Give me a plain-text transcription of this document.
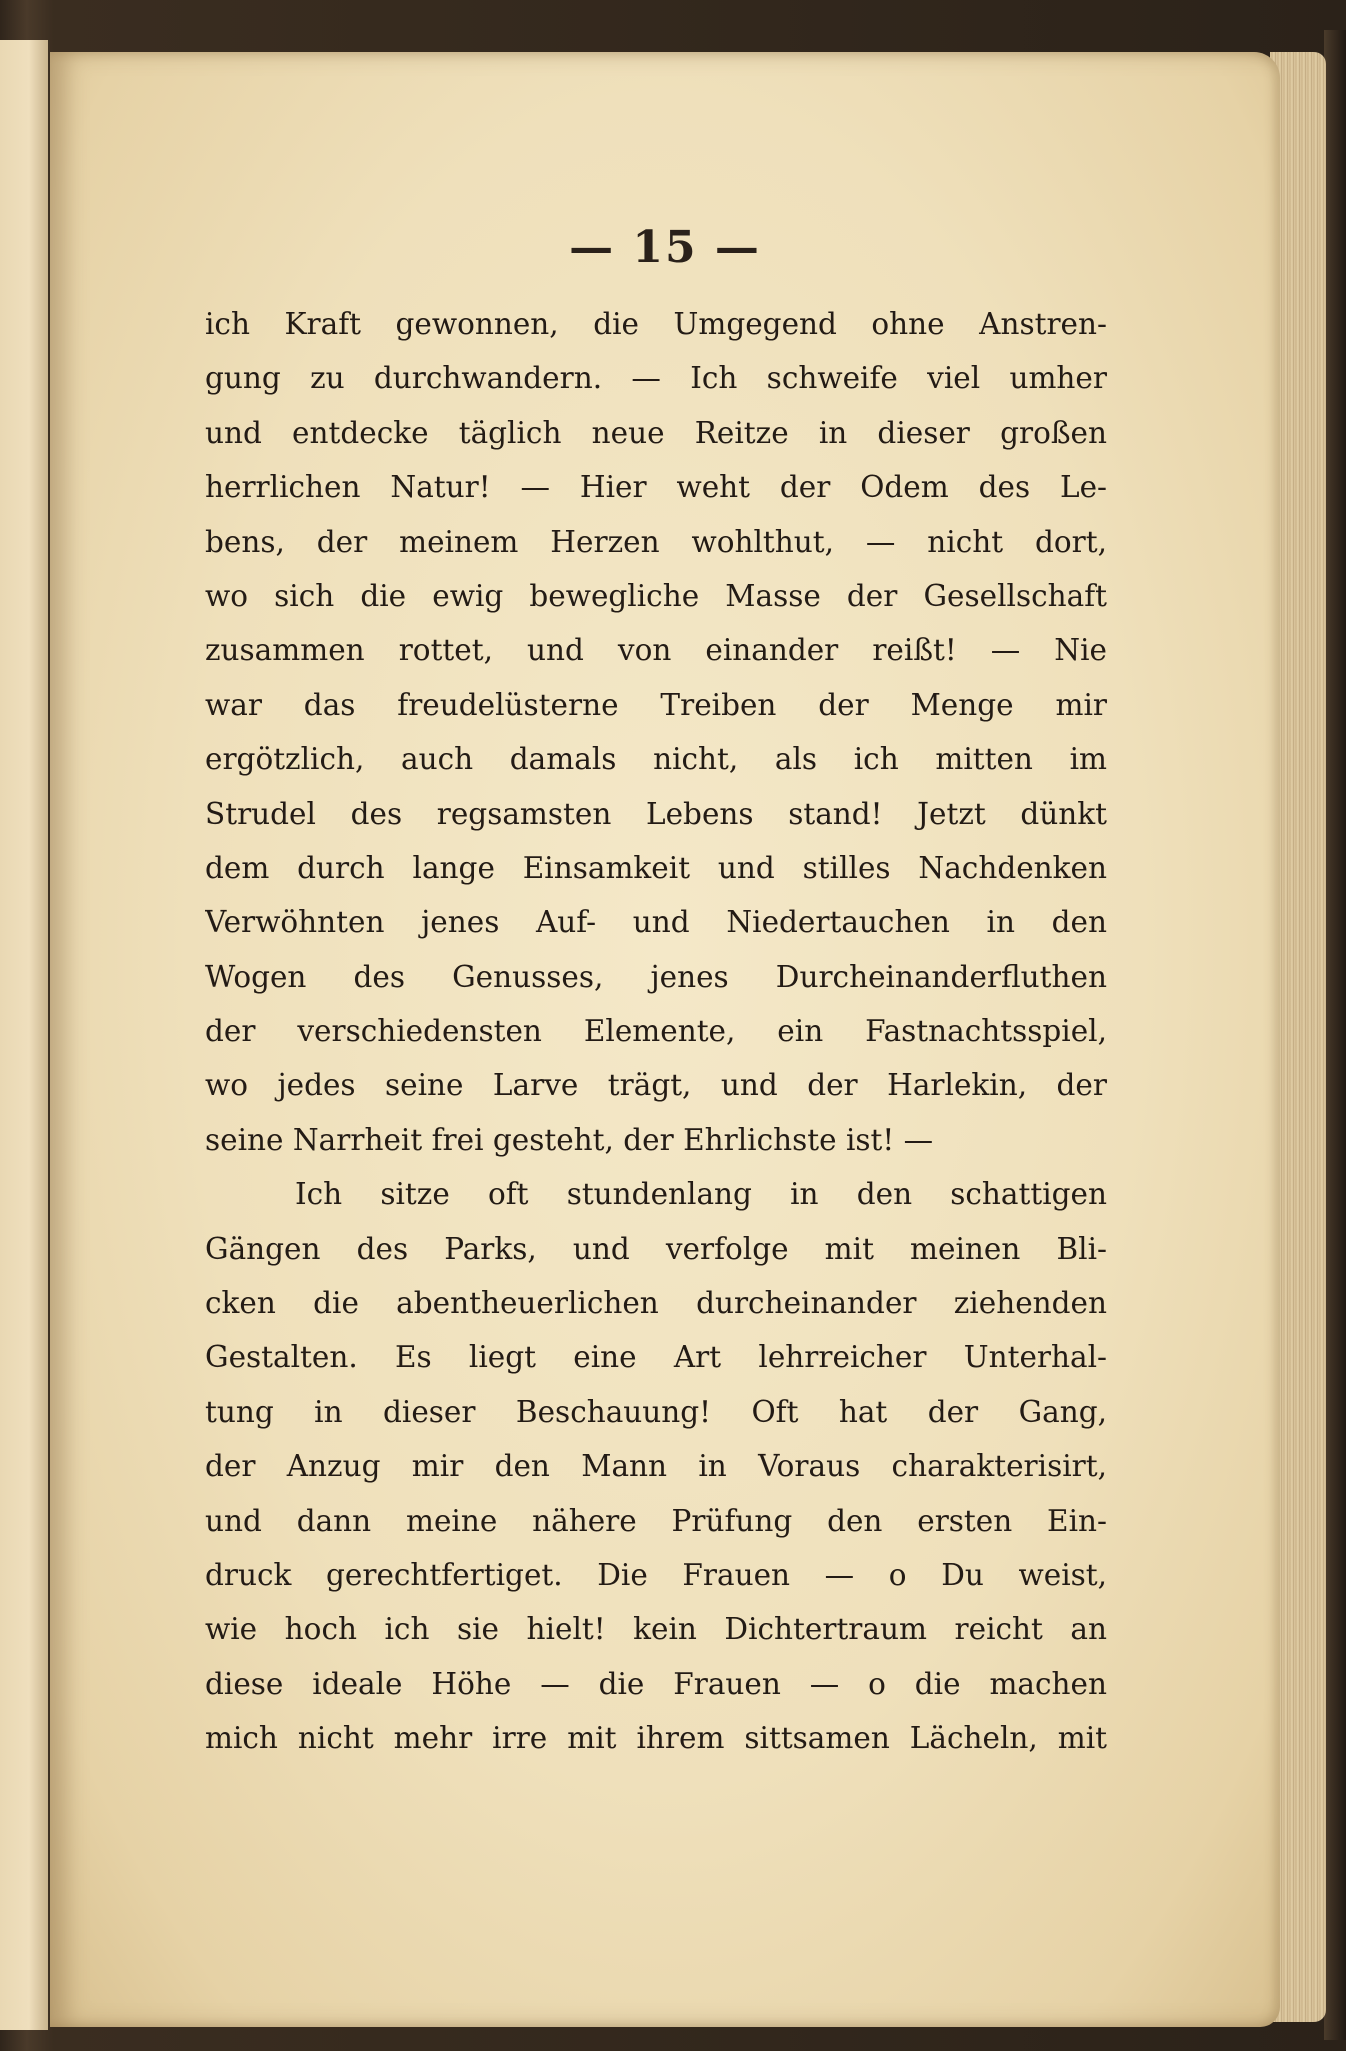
— 15 —
ich Kraft gewonnen, die Umgegend ohne Anstren-
gung zu durchwandern. — Ich schweife viel umher
und entdecke täglich neue Reitze in dieser großen
herrlichen Natur! — Hier weht der Odem des Le-
bens, der meinem Herzen wohlthut, — nicht dort,
wo sich die ewig bewegliche Masse der Gesellschaft
zusammen rottet, und von einander reißt! — Nie
war das freudelüsterne Treiben der Menge mir
ergötzlich, auch damals nicht, als ich mitten im
Strudel des regsamsten Lebens stand! Jetzt dünkt
dem durch lange Einsamkeit und stilles Nachdenken
Verwöhnten jenes Auf- und Niedertauchen in den
Wogen des Genusses, jenes Durcheinanderfluthen
der verschiedensten Elemente, ein Fastnachtsspiel,
wo jedes seine Larve trägt, und der Harlekin, der
seine Narrheit frei gesteht, der Ehrlichste ist! —
Ich sitze oft stundenlang in den schattigen
Gängen des Parks, und verfolge mit meinen Bli-
cken die abentheuerlichen durcheinander ziehenden
Gestalten. Es liegt eine Art lehrreicher Unterhal-
tung in dieser Beschauung! Oft hat der Gang,
der Anzug mir den Mann in Voraus charakterisirt,
und dann meine nähere Prüfung den ersten Ein-
druck gerechtfertiget. Die Frauen — o Du weist,
wie hoch ich sie hielt! kein Dichtertraum reicht an
diese ideale Höhe — die Frauen — o die machen
mich nicht mehr irre mit ihrem sittsamen Lächeln, mit
